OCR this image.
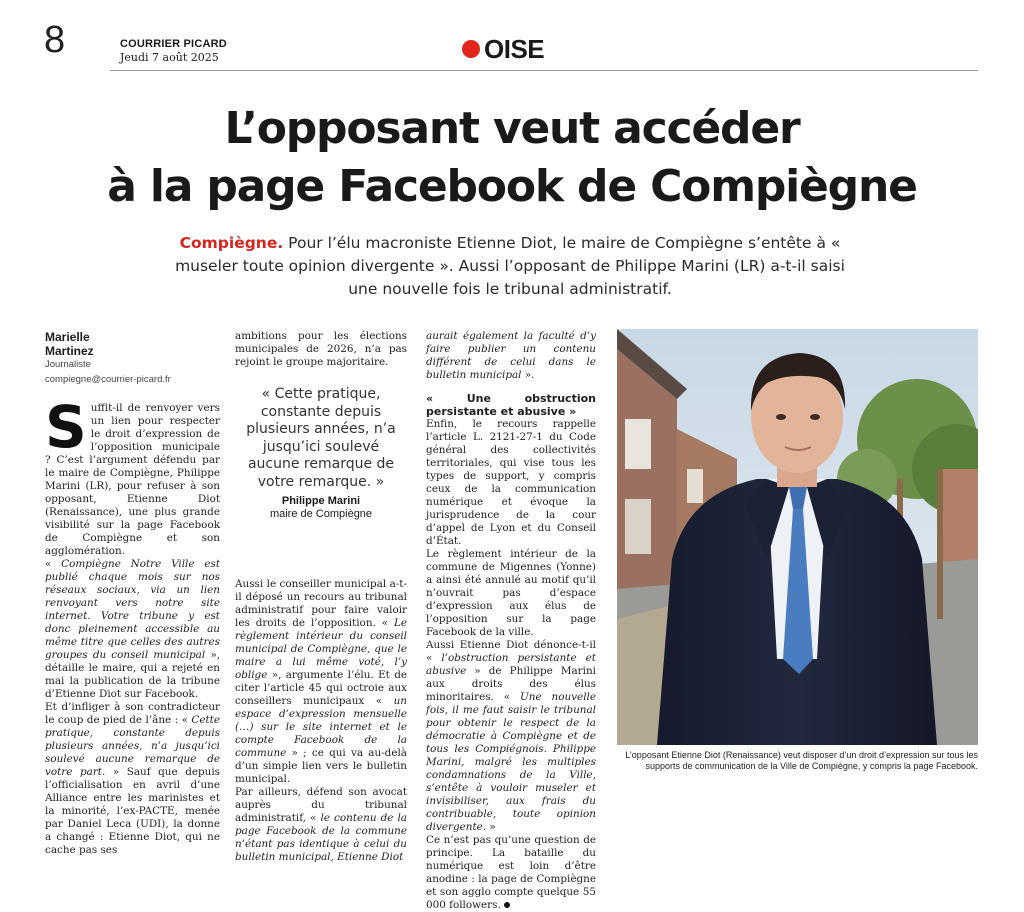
8	COURRIER PICARD
Jeudi 7 août 2025	OISE
L’opposant veut accéder
à la page Facebook de Compiègne
Compiègne. Pour l’élu macroniste Etienne Diot, le maire de Compiègne s’entête à « museler toute opinion divergente ». Aussi l’opposant de Philippe Marini (LR) a-t-il saisi une nouvelle fois le tribunal administratif.
Marielle
Martinez
Journaliste
compiegne@courrier-picard.fr

Suffit-il de renvoyer vers un lien pour respecter le droit d’expression de l’opposition municipale ? C’est l’argument défendu par le maire de Compiègne, Philippe Marini (LR), pour refuser à son opposant, Etienne Diot (Renaissance), une plus grande visibilité sur la page Facebook de Compiègne et son agglomération.

« Compiègne Notre Ville est publié chaque mois sur nos réseaux sociaux, via un lien renvoyant vers notre site internet. Votre tribune y est donc pleinement accessible au même titre que celles des autres groupes du conseil municipal », détaille le maire, qui a rejeté en mai la publication de la tribune d’Etienne Diot sur Facebook.

Et d’infliger à son contradicteur le coup de pied de l’âne : « Cette pratique, constante depuis plusieurs années, n’a jusqu’ici soulevé aucune remarque de votre part. » Sauf que depuis l’officialisation en avril d’une Alliance entre les marinistes et la minorité, l’ex-PACTE, menée par Daniel Leca (UDI), la donne a changé : Etienne Diot, qui ne cache pas ses

ambitions pour les élections municipales de 2026, n’a pas rejoint le groupe majoritaire.

Aussi le conseiller municipal a-t-il déposé un recours au tribunal administratif pour faire valoir les droits de l’opposition. « Le règlement intérieur du conseil municipal de Compiègne, que le maire a lui même voté, l’y oblige », argumente l’élu. Et de citer l’article 45 qui octroie aux conseillers municipaux « un espace d’expression mensuelle (…) sur le site internet et le compte Facebook de la commune » ; ce qui va au-delà d’un simple lien vers le bulletin municipal.

Par ailleurs, défend son avocat auprès du tribunal administratif, « le contenu de la page Facebook de la commune n’étant pas identique à celui du bulletin municipal, Etienne Diot

« Cette pratique, constante depuis plusieurs années, n’a jusqu’ici soulevé aucune remarque de votre remarque. »
Philippe Marini
maire de Compiègne

aurait également la faculté d’y faire publier un contenu différent de celui dans le bulletin municipal ».

« Une obstruction persistante et abusive »

Enfin, le recours rappelle l’article L. 2121-27-1 du Code général des collectivités territoriales, qui vise tous les types de support, y compris ceux de la communication numérique et évoque la jurisprudence de la cour d’appel de Lyon et du Conseil d’État.

Le règlement intérieur de la commune de Migennes (Yonne) a ainsi été annulé au motif qu’il n’ouvrait pas d’espace d’expression aux élus de l’opposition sur la page Facebook de la ville.

Aussi Etienne Diot dénonce-t-il « l’obstruction persistante et abusive » de Philippe Marini aux droits des élus minoritaires. « Une nouvelle fois, il me faut saisir le tribunal pour obtenir le respect de la démocratie à Compiègne et de tous les Compiégnois. Philippe Marini, malgré les multiples condamnations de la Ville, s’entête à vouloir museler et invisibiliser, aux frais du contribuable, toute opinion divergente. »

Ce n’est pas qu’une question de principe. La bataille du numérique est loin d’être anodine : la page de Compiègne et son agglo compte quelque 55 000 followers.

L’opposant Etienne Diot (Renaissance) veut disposer d’un droit d’expression sur tous les supports de communication de la Ville de Compiègne, y compris la page Facebook.
